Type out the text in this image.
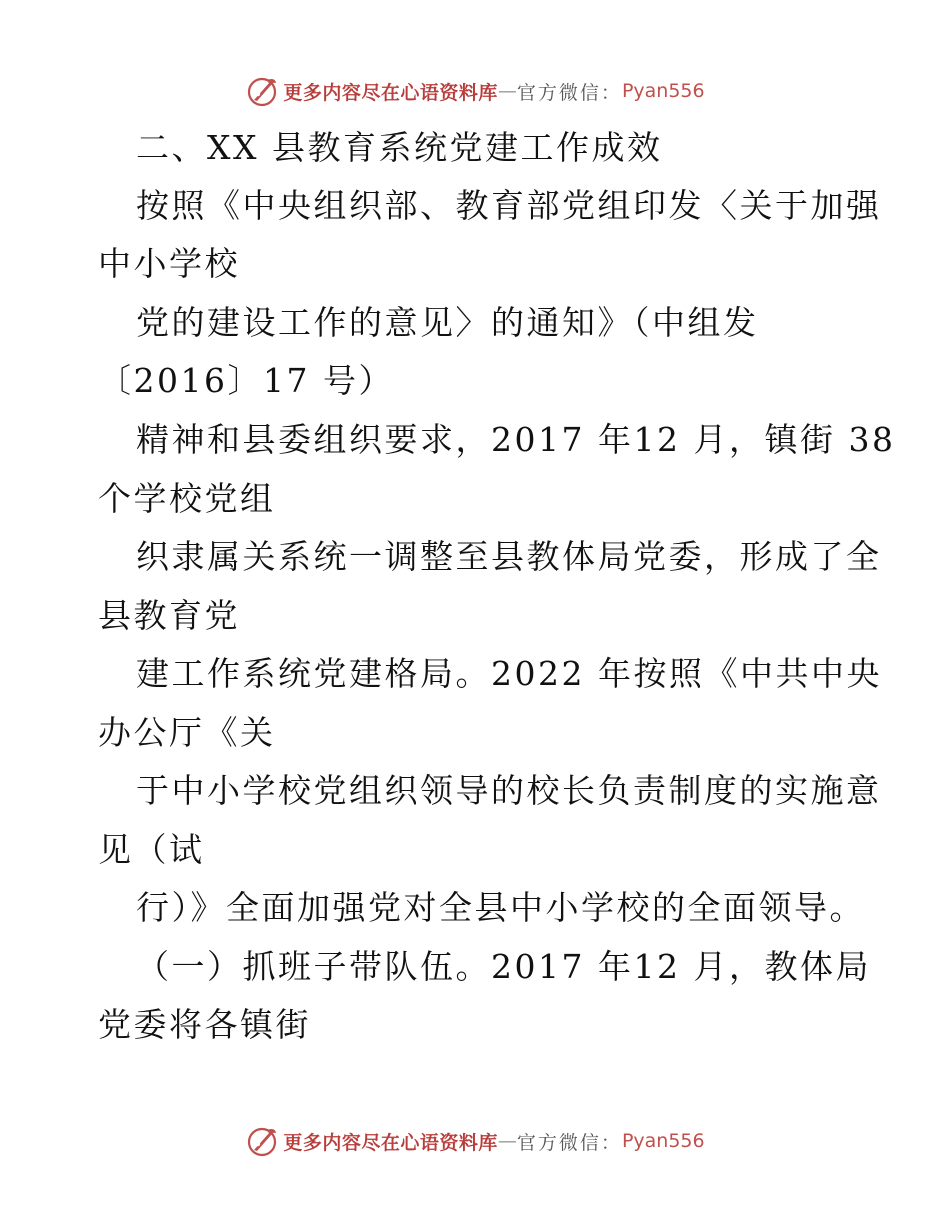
更多内容尽在心语资料库 — 官方微信： Pyan556
二、XX 县教育系统党建工作成效
按照《中央组织部、教育部党组印发〈关于加强
中小学校
党的建设工作的意见〉的通知》（中组发
〔2016〕17 号）
精神和县委组织要求，2017 年12 月，镇街 38
个学校党组
织隶属关系统一调整至县教体局党委，形成了全
县教育党
建工作系统党建格局。2022 年按照《中共中央
办公厅《关
于中小学校党组织领导的校长负责制度的实施意
见（试
行）》全面加强党对全县中小学校的全面领导。
（一）抓班子带队伍。2017 年12 月，教体局
党委将各镇街
更多内容尽在心语资料库 — 官方微信： Pyan556
